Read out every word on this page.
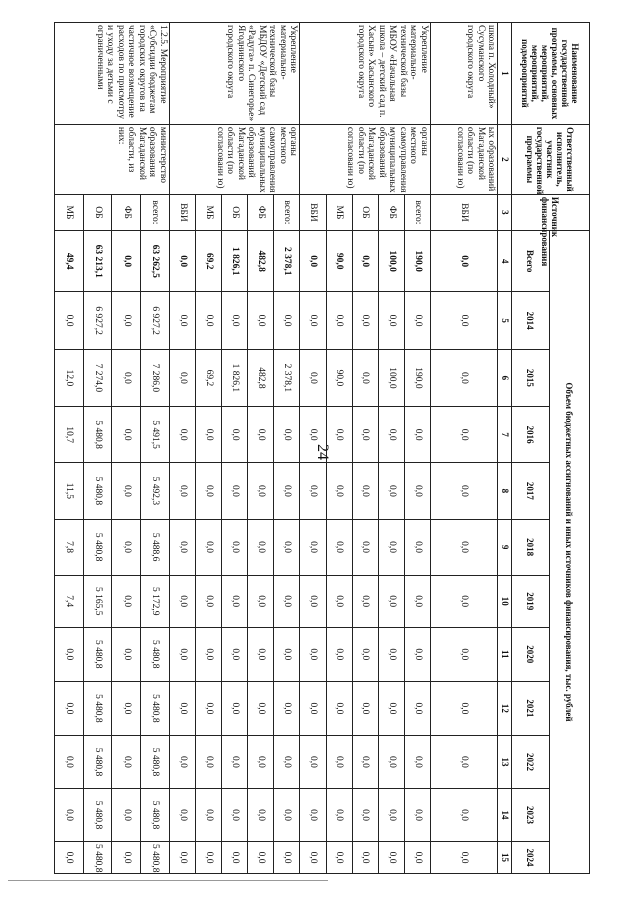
24
Наименование государственной программы, основных мероприятий, мероприятий, подмероприятий	Ответственный исполнитель, участник государственной программы	Источник финансирования	Объем бюджетных ассигнований и иных источников финансирования, тыс. рублей											
			Всего	2014	2015	2016	2017	2018	2019	2020	2021	2022	2023	2024
1	2	3	4	5	6	7	8	9	10	11	12	13	14	15
школа п. Холодный» Сусуманского городского округа	ых образований Магаданской области (по согласовани ю)	ВБИ	0,0	0,0	0,0	0,0	0,0	0,0	0,0	0,0	0,0	0,0	0,0	0,0
Укрепление материально-технической базы МБОУ «Начальная школа – детский сад п. Хасын» Хасынского городского округа	органы местного самоуправления муниципальных образований Магаданской области (по согласовани ю)	всего:	190,0	0,0	190,0	0,0	0,0	0,0	0,0	0,0	0,0	0,0	0,0	0,0
		ФБ	100,0	0,0	100,0	0,0	0,0	0,0	0,0	0,0	0,0	0,0	0,0	0,0
		ОБ	0,0	0,0	0,0	0,0	0,0	0,0	0,0	0,0	0,0	0,0	0,0	0,0
		МБ	90,0	0,0	90,0	0,0	0,0	0,0	0,0	0,0	0,0	0,0	0,0	0,0
		ВБИ	0,0	0,0	0,0	0,0	0,0	0,0	0,0	0,0	0,0	0,0	0,0	0,0
Укрепление материально-технической базы МБДОУ «Детский сад «Радуга» п. Синегорье» Ягоднинского городского округа	органы местного самоуправления муниципальных образований Магаданской области (по согласовани ю)	всего:	2 378,1	0,0	2 378,1	0,0	0,0	0,0	0,0	0,0	0,0	0,0	0,0	0,0
		ФБ	482,8	0,0	482,8	0,0	0,0	0,0	0,0	0,0	0,0	0,0	0,0	0,0
		ОБ	1 826,1	0,0	1 826,1	0,0	0,0	0,0	0,0	0,0	0,0	0,0	0,0	0,0
		МБ	69,2	0,0	69,2	0,0	0,0	0,0	0,0	0,0	0,0	0,0	0,0	0,0
		ВБИ	0,0	0,0	0,0	0,0	0,0	0,0	0,0	0,0	0,0	0,0	0,0	0,0
1.2.5. Мероприятие «Субсидии бюджетам городских округов на частичное возмещение расходов по присмотру и уходу за детьми с ограниченными	министерство образования Магаданской области, из них:	всего:	63 262,5	6 927,2	7 286,0	5 491,5	5 492,3	5 488,6	5 172,9	5 480,8	5 480,8	5 480,8	5 480,8	5 480,8
		ФБ	0,0	0,0	0,0	0,0	0,0	0,0	0,0	0,0	0,0	0,0	0,0	0,0
		ОБ	63 213,1	6 927,2	7 274,0	5 480,8	5 480,8	5 480,8	5 165,5	5 480,8	5 480,8	5 480,8	5 480,8	5 480,8
		МБ	49,4	0,0	12,0	10,7	11,5	7,8	7,4	0,0	0,0	0,0	0,0	0,0
